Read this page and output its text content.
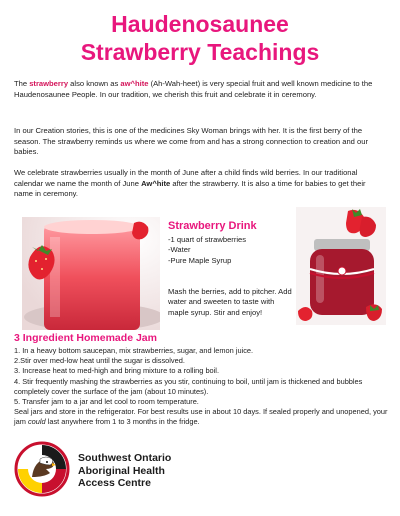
Haudenosaunee
Strawberry Teachings

The strawberry also known as aw^hite (Ah-Wah-heet) is very special fruit and well known medicine to the Haudenosaunee People. In our tradition, we cherish this fruit and celebrate it in ceremony.

In our Creation stories, this is one of the medicines Sky Woman brings with her. It is the first berry of the season. The strawberry reminds us where we come from and has a strong connection to creation and our babies.

We celebrate strawberries usually in the month of June after a child finds wild berries. In our traditional calendar we name the month of June Aw^hite after the strawberry. It is also a time for babies to get their name in ceremony.

Strawberry Drink
-1 quart of strawberries
-Water
-Pure Maple Syrup
Mash the berries, add to pitcher. Add water and sweeten to taste with maple syrup. Stir and enjoy!
3 Ingredient Homemade Jam
1. In a heavy bottom saucepan, mix strawberries, sugar, and lemon juice.
2.Stir over med-low heat until the sugar is dissolved.
3. Increase heat to med-high and bring mixture to a rolling boil.
4. Stir frequently mashing the strawberries as you stir, continuing to boil, until jam is thickened and bubbles completely cover the surface of the jam (about 10 minutes).
5. Transfer jam to a jar and let cool to room temperature.
Seal jars and store in the refrigerator. For best results use in about 10 days. If sealed properly and unopened, your jam could last anywhere from 1 to 3 months in the fridge.
Southwest Ontario
Aboriginal Health
Access Centre
